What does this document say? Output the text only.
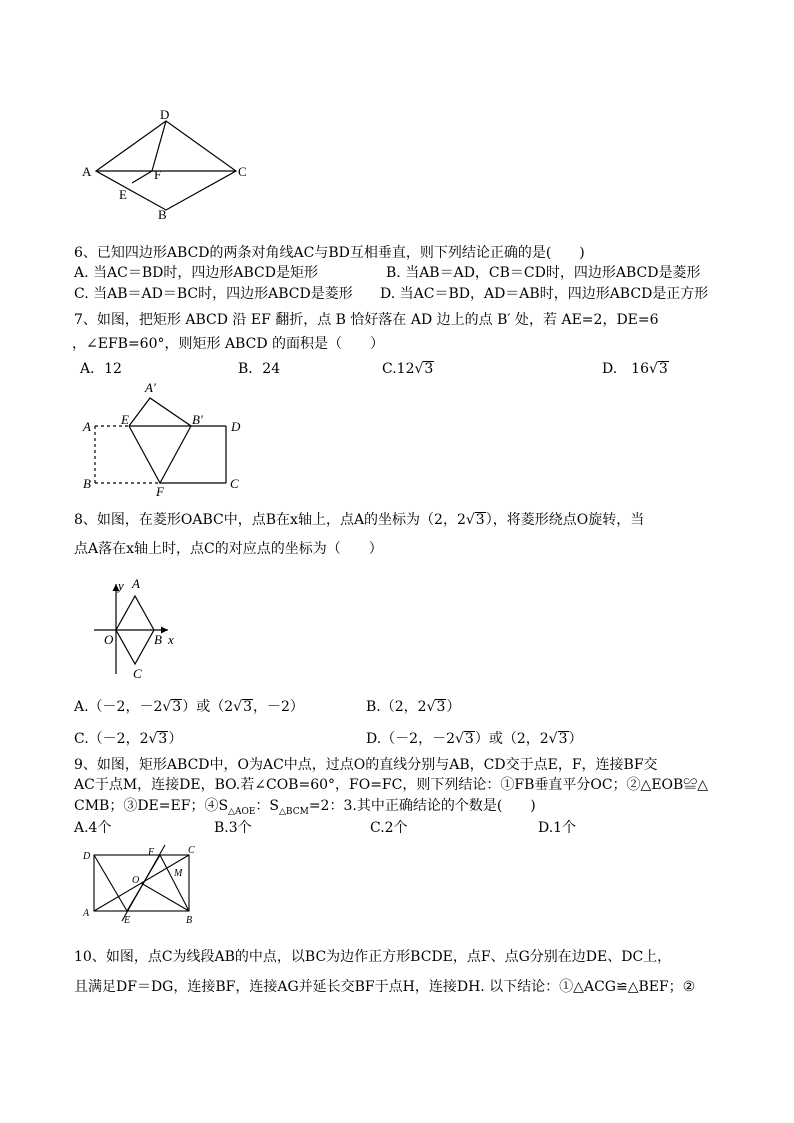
D
A	C
F
E
B
6、已知四边形ABCD的两条对角线AC与BD互相垂直，则下列结论正确的是(　　)
A. 当AC＝BD时，四边形ABCD是矩形	B. 当AB＝AD，CB＝CD时，四边形ABCD是菱形
C. 当AB＝AD＝BC时，四边形ABCD是菱形 D. 当AC＝BD，AD＝AB时，四边形ABCD是正方形
7、如图，把矩形 ABCD 沿 EF 翻折，点 B 恰好落在 AD 边上的点 B′ 处，若 AE=2，DE=6
，∠EFB=60°，则矩形 ABCD 的面积是（　　）
A．12	B．24	C.12√3	D.　16√3
A′
A E	B′ D
B
F
C
8、如图，在菱形OABC中，点B在x轴上，点A的坐标为（2，2√3），将菱形绕点O旋转，当
点A落在x轴上时，点C的对应点的坐标为（　　）
y A
O	B x
C
A.（－2，－2√3）或（2√3，－2）	B.（2，2√3）
C.（－2，2√3）	D.（－2，－2√3）或（2，2√3）
9、如图，矩形ABCD中，O为AC中点，过点O的直线分别与AB，CD交于点E，F，连接BF交
AC于点M，连接DE，BO.若∠COB=60°，FO=FC，则下列结论：①FB垂直平分OC；②△EOB≌△
CMB；③DE=EF；$④S_{\triangle AOE}$：$S_{\triangle BCM}=2$：3.其中正确结论的个数是(　　)
A.4个	B.3个	C.2个	D.1个
D	F	C
O
M
A
E	B
10、如图，点C为线段AB的中点，以BC为边作正方形BCDE，点F、点G分别在边DE、DC上，
且满足DF＝DG，连接BF，连接AG并延长交BF于点H，连接DH. 以下结论：①△ACG≌△BEF；②
